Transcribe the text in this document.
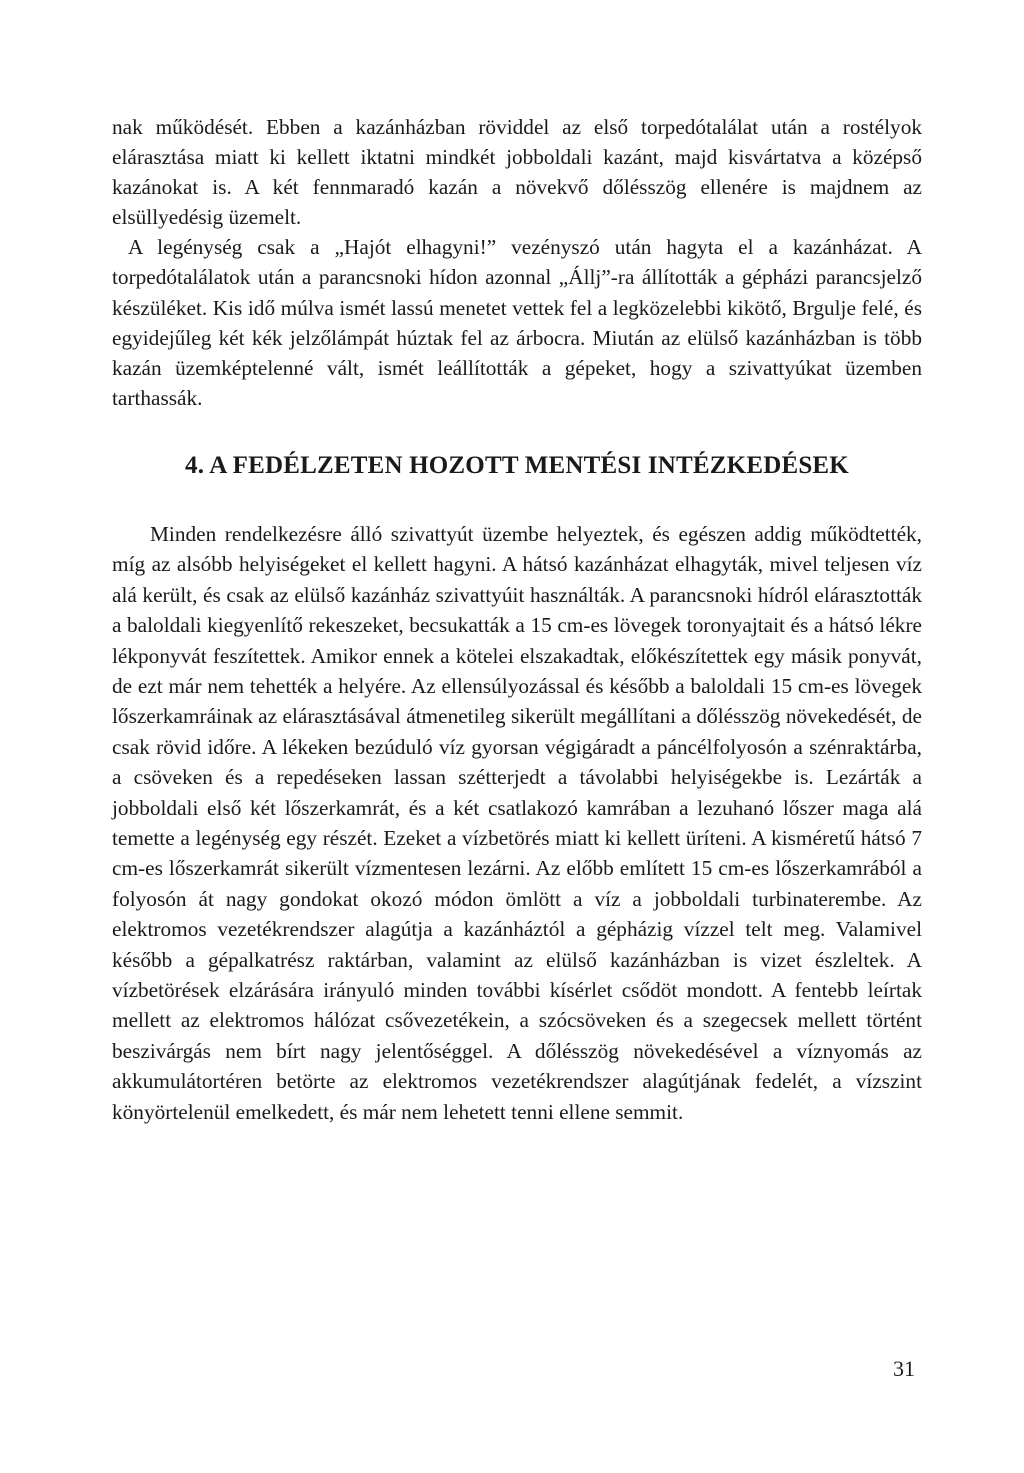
nak működését. Ebben a kazánházban röviddel az első torpedótalálat után a rostélyok elárasztása miatt ki kellett iktatni mindkét jobboldali kazánt, majd kisvártatva a középső kazánokat is. A két fennmaradó kazán a növekvő dőlésszög ellenére is majdnem az elsüllyedésig üzemelt.

A legénység csak a „Hajót elhagyni!” vezényszó után hagyta el a kazánházat. A torpedótalálatok után a parancsnoki hídon azonnal „Állj”-ra állították a gépházi parancsjelző készüléket. Kis idő múlva ismét lassú menetet vettek fel a legközelebbi kikötő, Brgulje felé, és egyidejűleg két kék jelzőlámpát húztak fel az árbocra. Miután az elülső kazánházban is több kazán üzemképtelenné vált, ismét leállították a gépeket, hogy a szivattyúkat üzemben tarthassák.

4. A FEDÉLZETEN HOZOTT MENTÉSI INTÉZKEDÉSEK

Minden rendelkezésre álló szivattyút üzembe helyeztek, és egészen addig működtették, míg az alsóbb helyiségeket el kellett hagyni. A hátsó kazánházat elhagyták, mivel teljesen víz alá került, és csak az elülső kazánház szivattyúit használták. A parancsnoki hídról elárasztották a baloldali kiegyenlítő rekeszeket, becsukatták a 15 cm-es lövegek toronyajtait és a hátsó lékre lékponyvát feszítettek. Amikor ennek a kötelei elszakadtak, előkészítettek egy másik ponyvát, de ezt már nem tehették a helyére. Az ellensúlyozással és később a baloldali 15 cm-es lövegek lőszerkamráinak az elárasztásával átmenetileg sikerült megállítani a dőlésszög növekedését, de csak rövid időre. A lékeken bezúduló víz gyorsan végigáradt a páncélfolyosón a szénraktárba, a csöveken és a repedéseken lassan szétterjedt a távolabbi helyiségekbe is. Lezárták a jobboldali első két lőszerkamrát, és a két csatlakozó kamrában a lezuhanó lőszer maga alá temette a legénység egy részét. Ezeket a vízbetörés miatt ki kellett üríteni. A kisméretű hátsó 7 cm-es lőszerkamrát sikerült vízmentesen lezárni. Az előbb említett 15 cm-es lőszerkamrából a folyosón át nagy gondokat okozó módon ömlött a víz a jobboldali turbinaterembe. Az elektromos vezetékrendszer alagútja a kazánháztól a gépházig vízzel telt meg. Valamivel később a gépalkatrész raktárban, valamint az elülső kazánházban is vizet észleltek. A vízbetörések elzárására irányuló minden további kísérlet csődöt mondott. A fentebb leírtak mellett az elektromos hálózat csővezetékein, a szócsöveken és a szegecsek mellett történt beszivárgás nem bírt nagy jelentőséggel. A dőlésszög növekedésével a víznyomás az akkumulátortéren betörte az elektromos vezetékrendszer alagútjának fedelét, a vízszint könyörtelenül emelkedett, és már nem lehetett tenni ellene semmit.

31
